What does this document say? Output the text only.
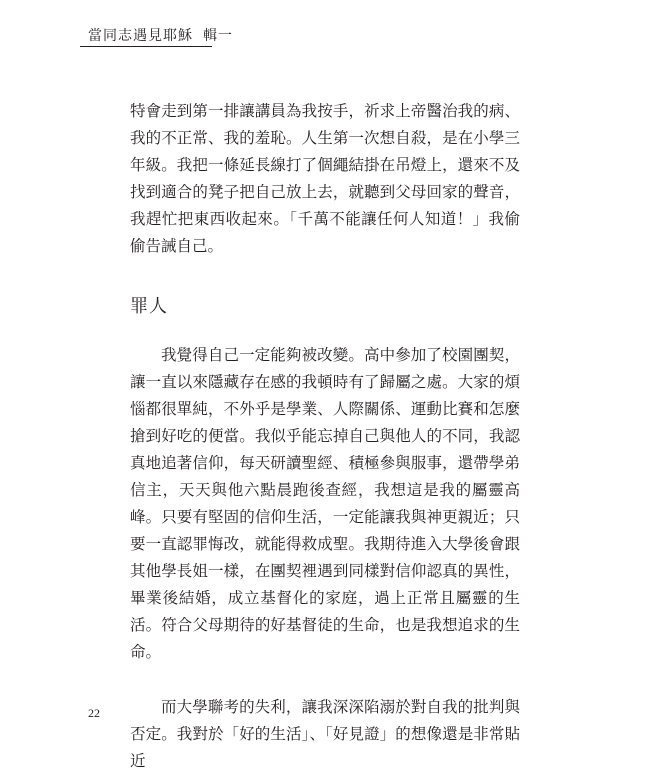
當同志遇見耶穌 輯一

特會走到第一排讓講員為我按手，祈求上帝醫治我的病、我的不正常、我的羞恥。人生第一次想自殺，是在小學三年級。我把一條延長線打了個繩結掛在吊燈上，還來不及找到適合的凳子把自己放上去，就聽到父母回家的聲音，我趕忙把東西收起來。「千萬不能讓任何人知道！」我偷偷告誡自己。

罪人

我覺得自己一定能夠被改變。高中參加了校園團契，讓一直以來隱藏存在感的我頓時有了歸屬之處。大家的煩惱都很單純，不外乎是學業、人際關係、運動比賽和怎麼搶到好吃的便當。我似乎能忘掉自己與他人的不同，我認真地追著信仰，每天研讀聖經、積極參與服事，還帶學弟信主，天天與他六點晨跑後查經，我想這是我的屬靈高峰。只要有堅固的信仰生活，一定能讓我與神更親近；只要一直認罪悔改，就能得救成聖。我期待進入大學後會跟其他學長姐一樣，在團契裡遇到同樣對信仰認真的異性，畢業後結婚，成立基督化的家庭，過上正常且屬靈的生活。符合父母期待的好基督徒的生命，也是我想追求的生命。

而大學聯考的失利，讓我深深陷溺於對自我的批判與否定。我對於「好的生活」、「好見證」的想像還是非常貼近

22
